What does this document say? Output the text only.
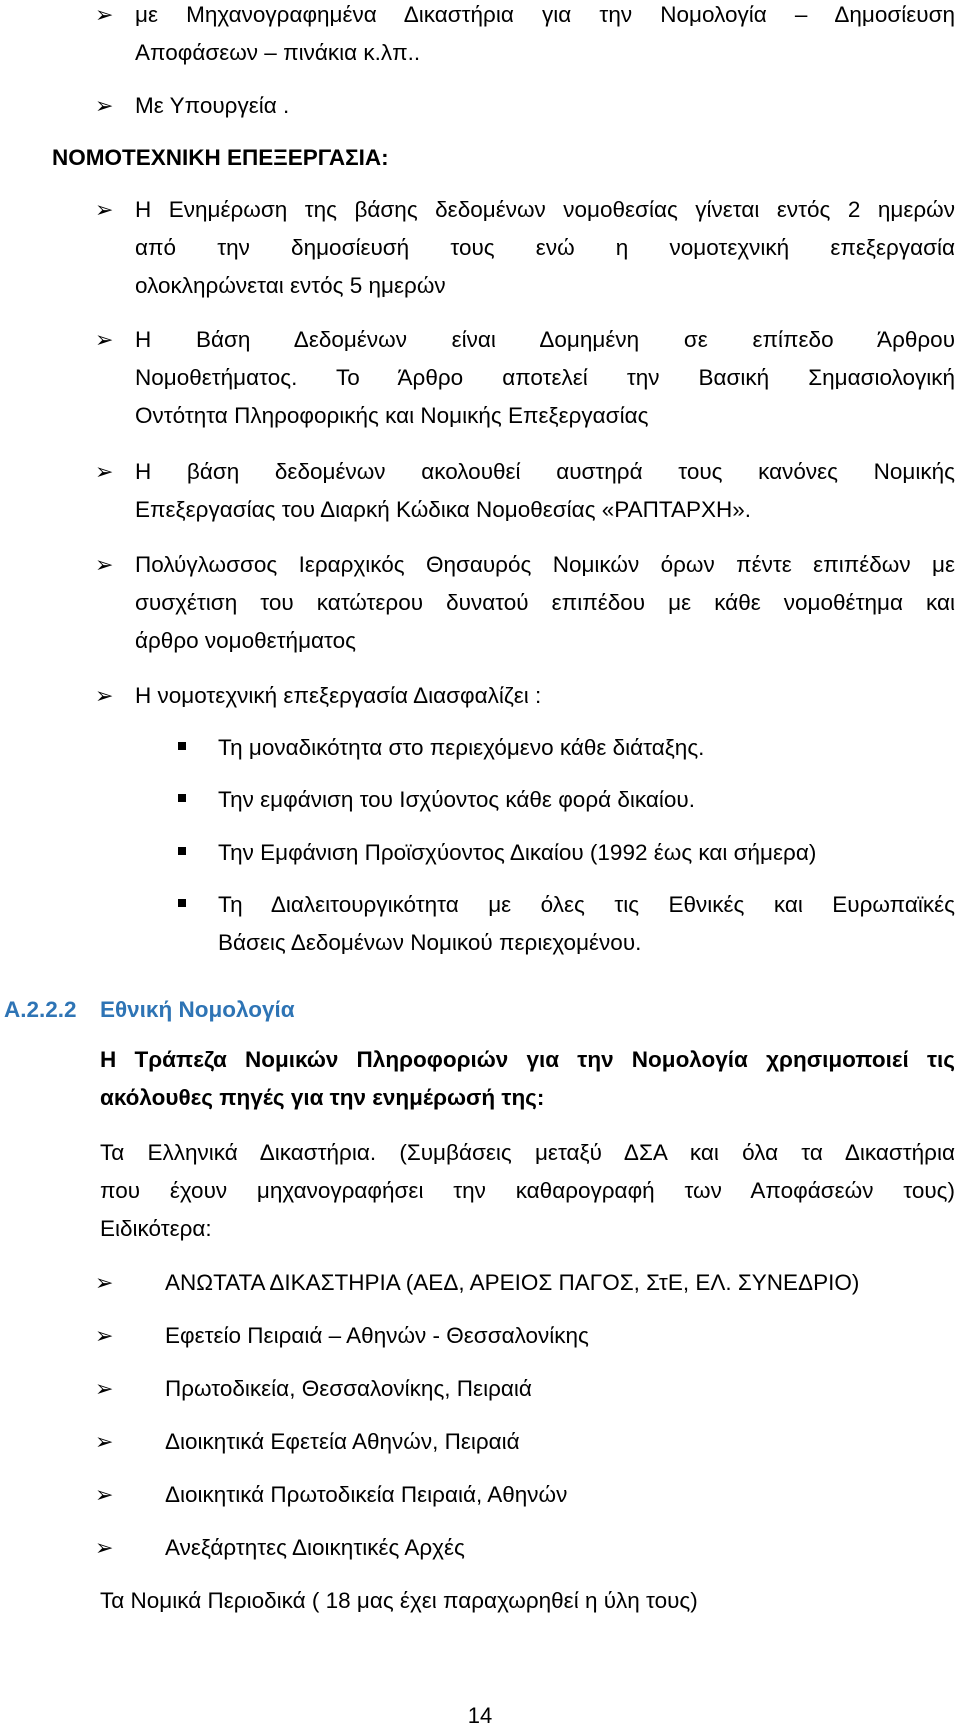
➢ με Μηχανογραφημένα Δικαστήρια για την Νομολογία – Δημοσίευση
Αποφάσεων – πινάκια κ.λπ..
➢ Με Υπουργεία .
ΝΟΜΟΤΕΧΝΙΚΗ ΕΠΕΞΕΡΓΑΣΙΑ:
➢ Η Ενημέρωση της βάσης δεδομένων νομοθεσίας γίνεται εντός 2 ημερών
από την δημοσίευσή τους ενώ η νομοτεχνική επεξεργασία
ολοκληρώνεται εντός 5 ημερών
➢ Η Βάση Δεδομένων είναι Δομημένη σε επίπεδο Άρθρου
Νομοθετήματος. Το Άρθρο αποτελεί την Βασική Σημασιολογική
Οντότητα Πληροφορικής και Νομικής Επεξεργασίας
➢ Η βάση δεδομένων ακολουθεί αυστηρά τους κανόνες Νομικής
Επεξεργασίας του Διαρκή Κώδικα Νομοθεσίας «ΡΑΠΤΑΡΧΗ».
➢ Πολύγλωσσος Ιεραρχικός Θησαυρός Νομικών όρων πέντε επιπέδων με
συσχέτιση του κατώτερου δυνατού επιπέδου με κάθε νομοθέτημα και
άρθρο νομοθετήματος
➢ Η νομοτεχνική επεξεργασία Διασφαλίζει :
Τη μοναδικότητα στο περιεχόμενο κάθε διάταξης.
Την εμφάνιση του Ισχύοντος κάθε φορά δικαίου.
Την Εμφάνιση Προϊσχύοντος Δικαίου (1992 έως και σήμερα)
Τη Διαλειτουργικότητα με όλες τις Εθνικές και Ευρωπαϊκές
Βάσεις Δεδομένων Νομικού περιεχομένου.
Α.2.2.2 Εθνική Νομολογία
Η Τράπεζα Νομικών Πληροφοριών για την Νομολογία χρησιμοποιεί τις
ακόλουθες πηγές για την ενημέρωσή της:
Τα Ελληνικά Δικαστήρια. (Συμβάσεις μεταξύ ΔΣΑ και όλα τα Δικαστήρια
που έχουν μηχανογραφήσει την καθαρογραφή των Αποφάσεών τους)
Ειδικότερα:
➢ ΑΝΩΤΑΤΑ ΔΙΚΑΣΤΗΡΙΑ (ΑΕΔ, ΑΡΕΙΟΣ ΠΑΓΟΣ, ΣτΕ, ΕΛ. ΣΥΝΕΔΡΙΟ)
➢ Εφετείο Πειραιά – Αθηνών - Θεσσαλονίκης
➢ Πρωτοδικεία, Θεσσαλονίκης, Πειραιά
➢ Διοικητικά Εφετεία Αθηνών, Πειραιά
➢ Διοικητικά Πρωτοδικεία Πειραιά, Αθηνών
➢ Ανεξάρτητες Διοικητικές Αρχές
Τα Νομικά Περιοδικά ( 18 μας έχει παραχωρηθεί η ύλη τους)
14
